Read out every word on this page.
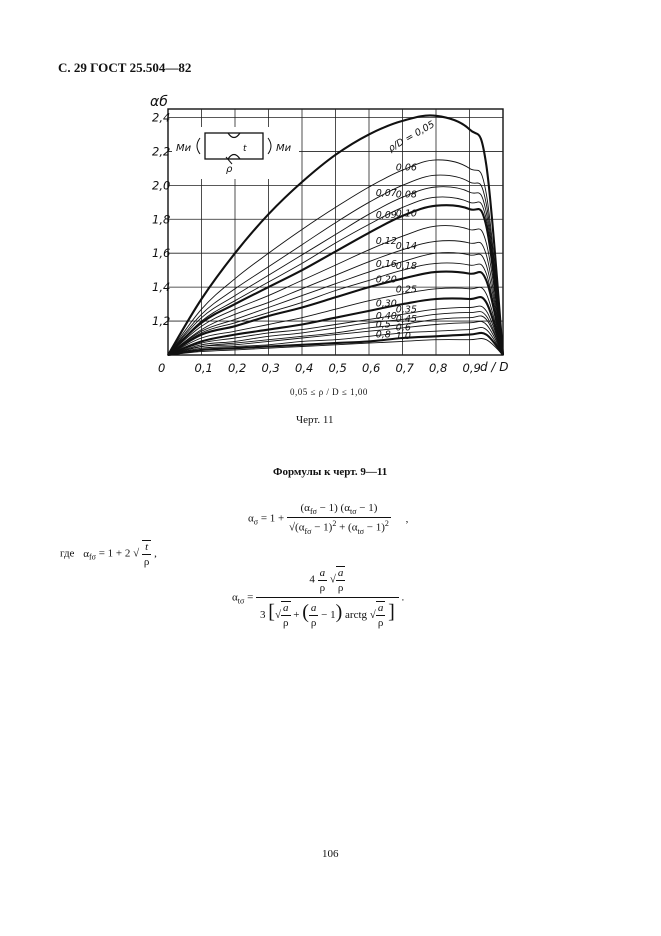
С. 29 ГОСТ 25.504—82
0	0,1 0,2 0,3 0,4 0,5 0,6 0,7 0,8 0,9
1,2
1,4
1,6
1,8
2,0
2,2
2,4
ρ/D = 0,05
0,06
0,07
0,08
0,09
0,10
0,12
0,14
0,16
0,18
0,20
0,25
0,30
0,35
0,40
0,45
0,5 0,6
0,8 1,0
αб
d / D
Mи	Mи
ρ
t
0,05 ≤ ρ / D ≤ 1,00
Черт. 11
Формулы к черт. 9—11
$\alpha_\sigma = 1 + \frac{(\alpha_{f\sigma} - 1) (\alpha_{t\sigma} - 1)}{√(\alpha_{f\sigma} - 1)^2 + (\alpha_{t\sigma} - 1)^2}$ ,
где $\alpha_{f\sigma} = 1 + 2$ √ $\frac{t}{\rho}$ ,
$\alpha_{t\sigma}$ =
$4 \frac{a}{\rho}$ √ $\frac{a}{\rho}$
3 [√ $\frac{a}{\rho}$ + ( $\frac{a}{\rho} - 1$) arctg √ $\frac{a}{\rho}$ ]
.
106
